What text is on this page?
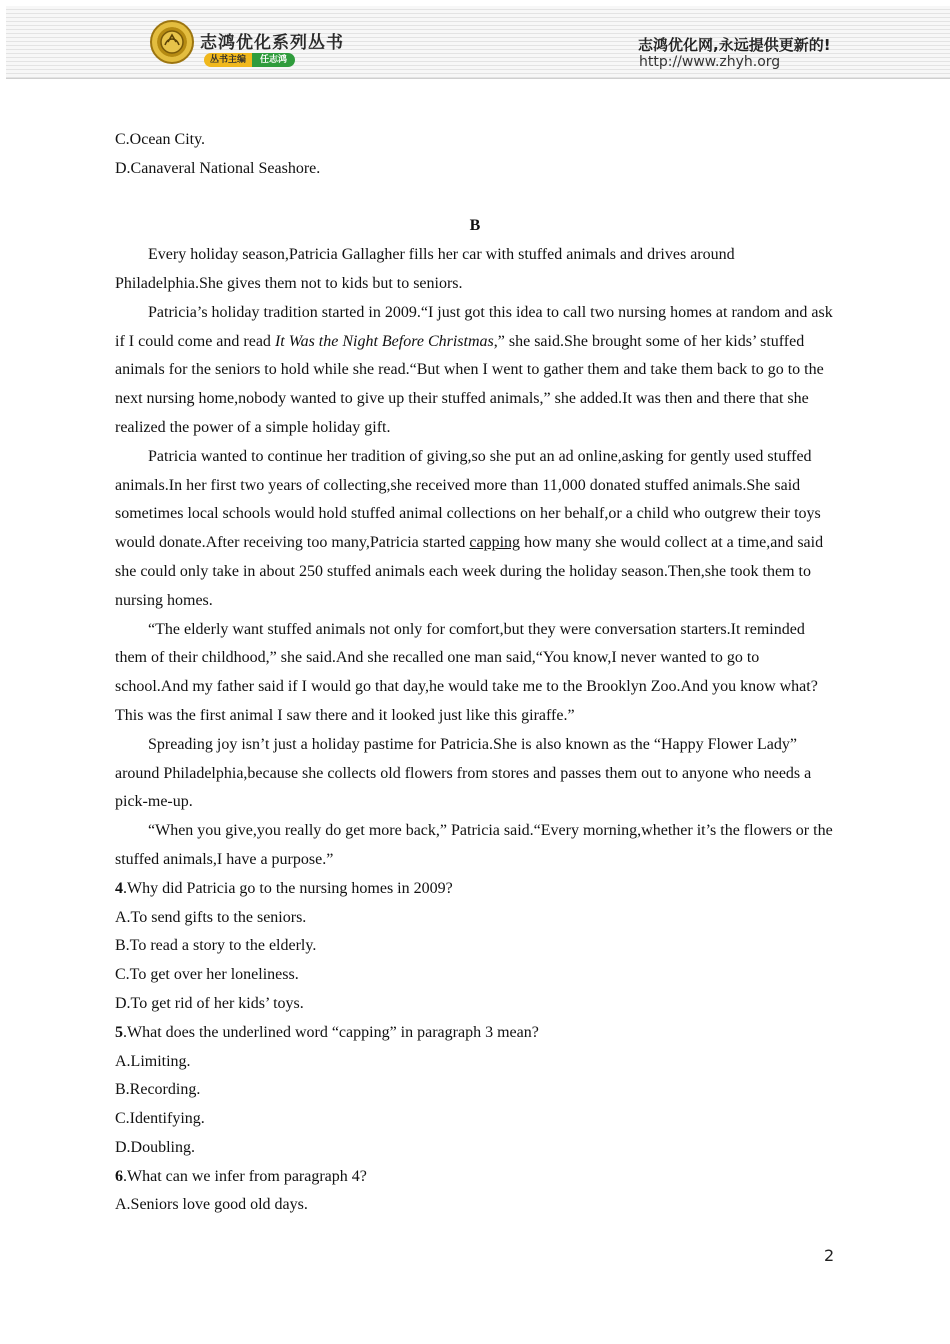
志鸿优化系列丛书
丛书主编	任志鸿
志鸿优化网,永远提供更新的!
http://www.zhyh.org

C.Ocean City.

D.Canaveral National Seashore.

B

Every holiday season,Patricia Gallagher fills her car with stuffed animals and drives around Philadelphia.She gives them not to kids but to seniors.

Patricia’s holiday tradition started in 2009.“I just got this idea to call two nursing homes at random and ask if I could come and read It Was the Night Before Christmas,” she said.She brought some of her kids’ stuffed animals for the seniors to hold while she read.“But when I went to gather them and take them back to go to the next nursing home,nobody wanted to give up their stuffed animals,” she added.It was then and there that she realized the power of a simple holiday gift.

Patricia wanted to continue her tradition of giving,so she put an ad online,asking for gently used stuffed animals.In her first two years of collecting,she received more than 11,000 donated stuffed animals.She said sometimes local schools would hold stuffed animal collections on her behalf,or a child who outgrew their toys would donate.After receiving too many,Patricia started capping how many she would collect at a time,and said she could only take in about 250 stuffed animals each week during the holiday season.Then,she took them to nursing homes.

“The elderly want stuffed animals not only for comfort,but they were conversation starters.It reminded them of their childhood,” she said.And she recalled one man said,“You know,I never wanted to go to school.And my father said if I would go that day,he would take me to the Brooklyn Zoo.And you know what?This was the first animal I saw there and it looked just like this giraffe.”

Spreading joy isn’t just a holiday pastime for Patricia.She is also known as the “Happy Flower Lady” around Philadelphia,because she collects old flowers from stores and passes them out to anyone who needs a pick-me-up.

“When you give,you really do get more back,” Patricia said.“Every morning,whether it’s the flowers or the stuffed animals,I have a purpose.”

4.Why did Patricia go to the nursing homes in 2009?

A.To send gifts to the seniors.

B.To read a story to the elderly.

C.To get over her loneliness.

D.To get rid of her kids’ toys.

5.What does the underlined word “capping” in paragraph 3 mean?

A.Limiting.

B.Recording.

C.Identifying.

D.Doubling.

6.What can we infer from paragraph 4?

A.Seniors love good old days.

2
